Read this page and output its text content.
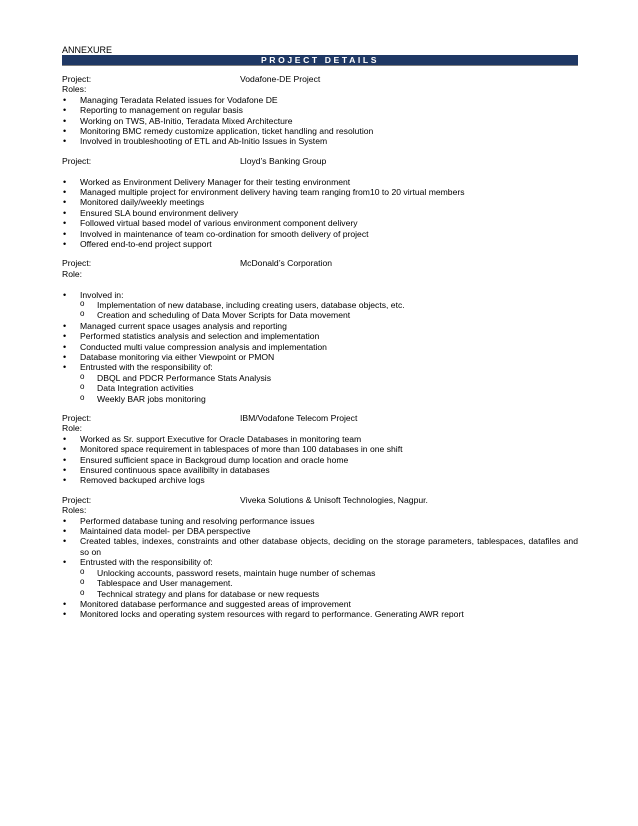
ANNEXURE
PROJECT DETAILS
Project:	Vodafone-DE Project
Roles:
• Managing Teradata Related issues for Vodafone DE
• Reporting to management on regular basis
• Working on TWS, AB-Initio, Teradata Mixed Architecture
• Monitoring BMC remedy customize application, ticket handling and resolution
• Involved in troubleshooting of ETL and Ab-Initio Issues in System
Project:	Lloyd’s Banking Group
• Worked as Environment Delivery Manager for their testing environment
• Managed multiple project for environment delivery having team ranging from10 to 20 virtual members
• Monitored daily/weekly meetings
• Ensured SLA bound environment delivery
• Followed virtual based model of various environment component delivery
• Involved in maintenance of team co-ordination for smooth delivery of project
• Offered end-to-end project support
Project:	McDonald’s Corporation
Role:
• Involved in:
o Implementation of new database, including creating users, database objects, etc.
o Creation and scheduling of Data Mover Scripts for Data movement
• Managed current space usages analysis and reporting
• Performed statistics analysis and selection and implementation
• Conducted multi value compression analysis and implementation
• Database monitoring via either Viewpoint or PMON
• Entrusted with the responsibility of:
o DBQL and PDCR Performance Stats Analysis
o Data Integration activities
o Weekly BAR jobs monitoring
Project:	IBM/Vodafone Telecom Project
Role:
• Worked as Sr. support Executive for Oracle Databases in monitoring team
• Monitored space requirement in tablespaces of more than 100 databases in one shift
• Ensured sufficient space in Backgroud dump location and oracle home
• Ensured continuous space availibilty in databases
• Removed backuped archive logs
Project:	Viveka Solutions & Unisoft Technologies, Nagpur.
Roles:
• Performed database tuning and resolving performance issues
• Maintained data model- per DBA perspective
• Created tables, indexes, constraints and other database objects, deciding on the storage parameters, tablespaces, datafiles and so on
• Entrusted with the responsibility of:
o Unlocking accounts, password resets, maintain huge number of schemas
o Tablespace and User management.
o Technical strategy and plans for database or new requests
• Monitored database performance and suggested areas of improvement
• Monitored locks and operating system resources with regard to performance. Generating AWR report
